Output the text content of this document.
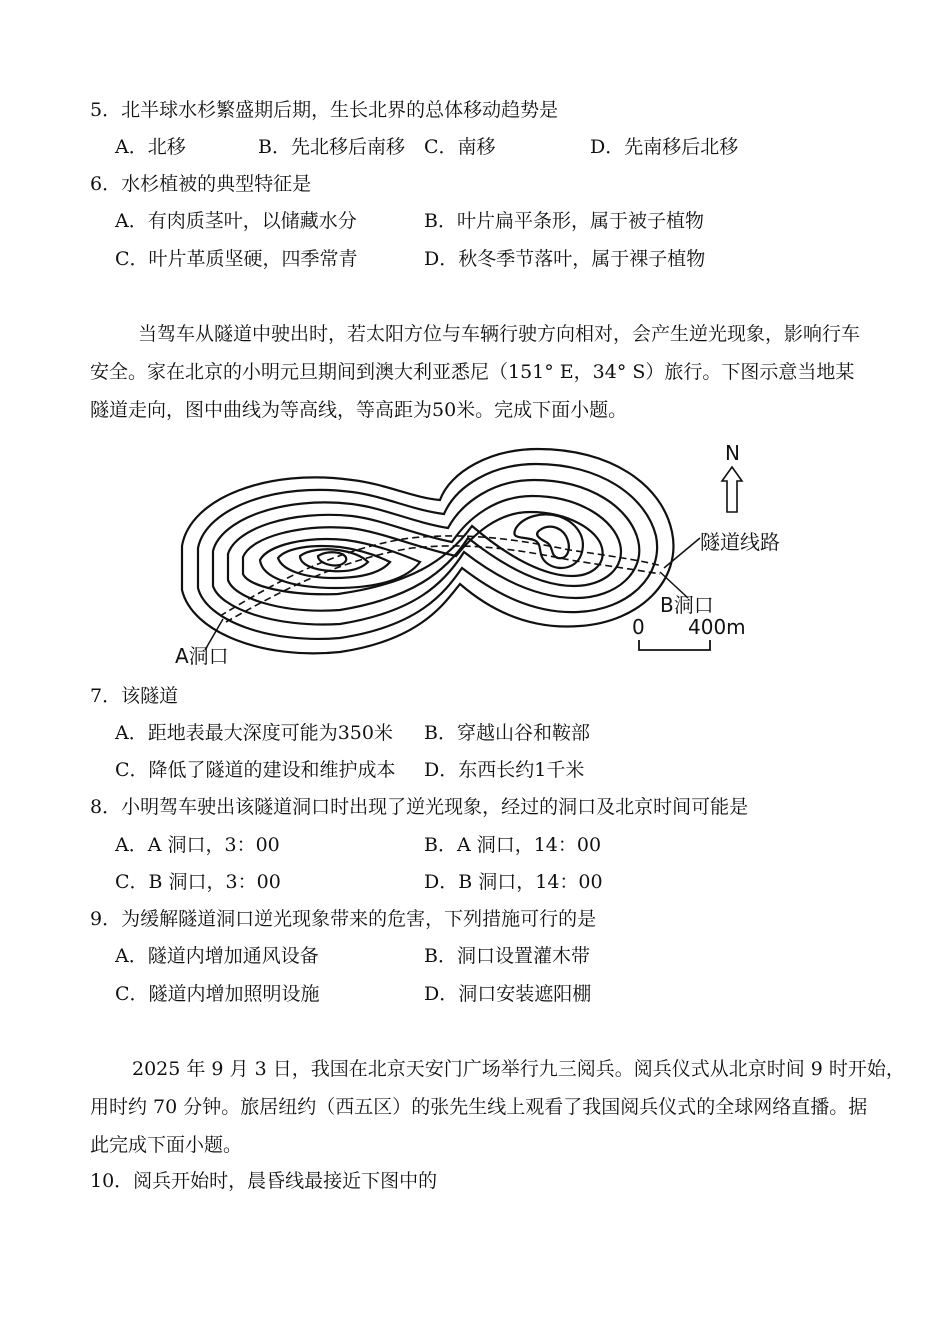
5．北半球水杉繁盛期后期，生长北界的总体移动趋势是
A．北移	B．先北移后南移 C．南移	D．先南移后北移
6．水杉植被的典型特征是
A．有肉质茎叶，以储藏水分	B．叶片扁平条形，属于被子植物
C．叶片革质坚硬，四季常青	D．秋冬季节落叶，属于裸子植物
当驾车从隧道中驶出时，若太阳方位与车辆行驶方向相对，会产生逆光现象，影响行车
安全。家在北京的小明元旦期间到澳大利亚悉尼（151° E，34° S）旅行。下图示意当地某
隧道走向，图中曲线为等高线，等高距为50米。完成下面小题。
N
隧道线路
B洞口
A洞口
0 400m
7．该隧道
A．距地表最大深度可能为350米 B．穿越山谷和鞍部
C．降低了隧道的建设和维护成本 D．东西长约1千米
8．小明驾车驶出该隧道洞口时出现了逆光现象，经过的洞口及北京时间可能是
A．A 洞口，3：00	B．A 洞口，14：00
C．B 洞口，3：00	D．B 洞口，14：00
9．为缓解隧道洞口逆光现象带来的危害，下列措施可行的是
A．隧道内增加通风设备	B．洞口设置灌木带
C．隧道内增加照明设施	D．洞口安装遮阳棚
2025 年 9 月 3 日，我国在北京天安门广场举行九三阅兵。阅兵仪式从北京时间 9 时开始，
用时约 70 分钟。旅居纽约（西五区）的张先生线上观看了我国阅兵仪式的全球网络直播。据
此完成下面小题。
10．阅兵开始时，晨昏线最接近下图中的
